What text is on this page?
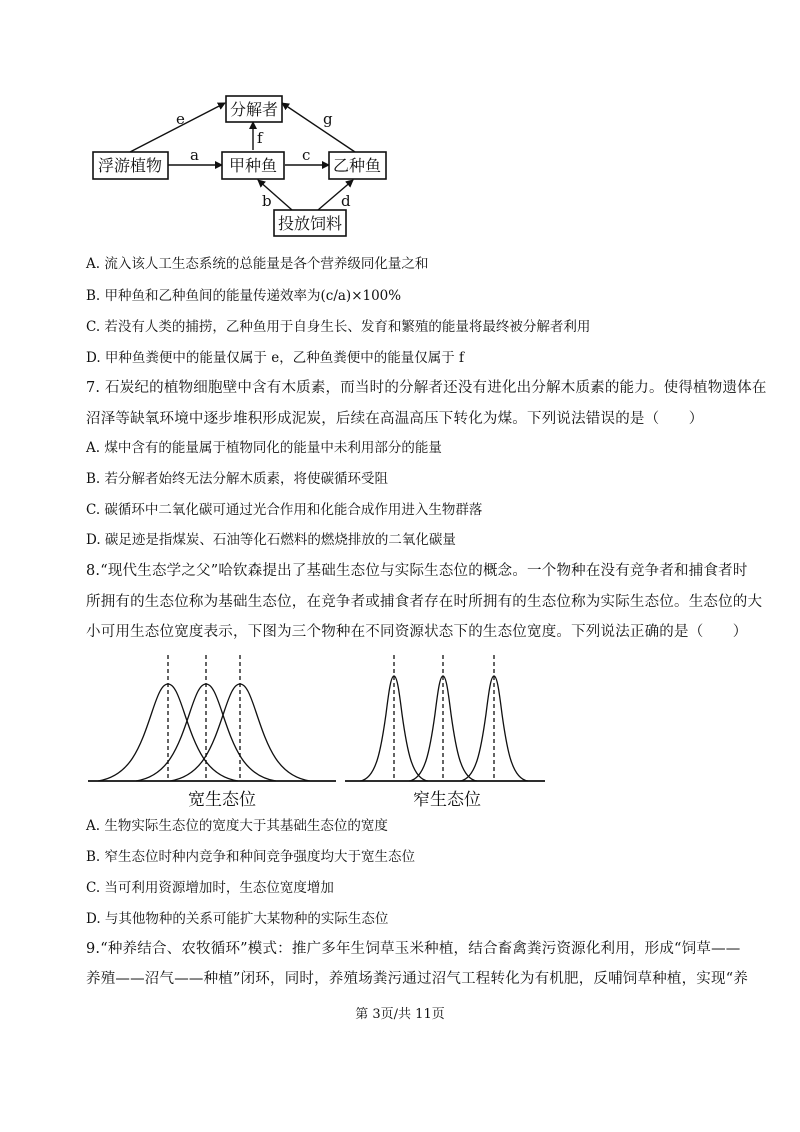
e	g
f
a	c
b	d
分解者
浮游植物	甲种鱼	乙种鱼
投放饲料
A. 流入该人工生态系统的总能量是各个营养级同化量之和
B. 甲种鱼和乙种鱼间的能量传递效率为(c/a)×100%
C. 若没有人类的捕捞，乙种鱼用于自身生长、发育和繁殖的能量将最终被分解者利用
D. 甲种鱼粪便中的能量仅属于 e，乙种鱼粪便中的能量仅属于 f
7. 石炭纪的植物细胞壁中含有木质素，而当时的分解者还没有进化出分解木质素的能力。使得植物遗体在
沼泽等缺氧环境中逐步堆积形成泥炭，后续在高温高压下转化为煤。下列说法错误的是（　　）
A. 煤中含有的能量属于植物同化的能量中未利用部分的能量
B. 若分解者始终无法分解木质素，将使碳循环受阻
C. 碳循环中二氧化碳可通过光合作用和化能合成作用进入生物群落
D. 碳足迹是指煤炭、石油等化石燃料的燃烧排放的二氧化碳量
8.“现代生态学之父”哈钦森提出了基础生态位与实际生态位的概念。一个物种在没有竞争者和捕食者时
所拥有的生态位称为基础生态位，在竞争者或捕食者存在时所拥有的生态位称为实际生态位。生态位的大
小可用生态位宽度表示，下图为三个物种在不同资源状态下的生态位宽度。下列说法正确的是（　　）
宽生态位	窄生态位
A. 生物实际生态位的宽度大于其基础生态位的宽度
B. 窄生态位时种内竞争和种间竞争强度均大于宽生态位
C. 当可利用资源增加时，生态位宽度增加
D. 与其他物种的关系可能扩大某物种的实际生态位
9.“种养结合、农牧循环”模式：推广多年生饲草玉米种植，结合畜禽粪污资源化利用，形成“饲草——
养殖——沼气——种植”闭环，同时，养殖场粪污通过沼气工程转化为有机肥，反哺饲草种植，实现“养
第 3页/共 11页
